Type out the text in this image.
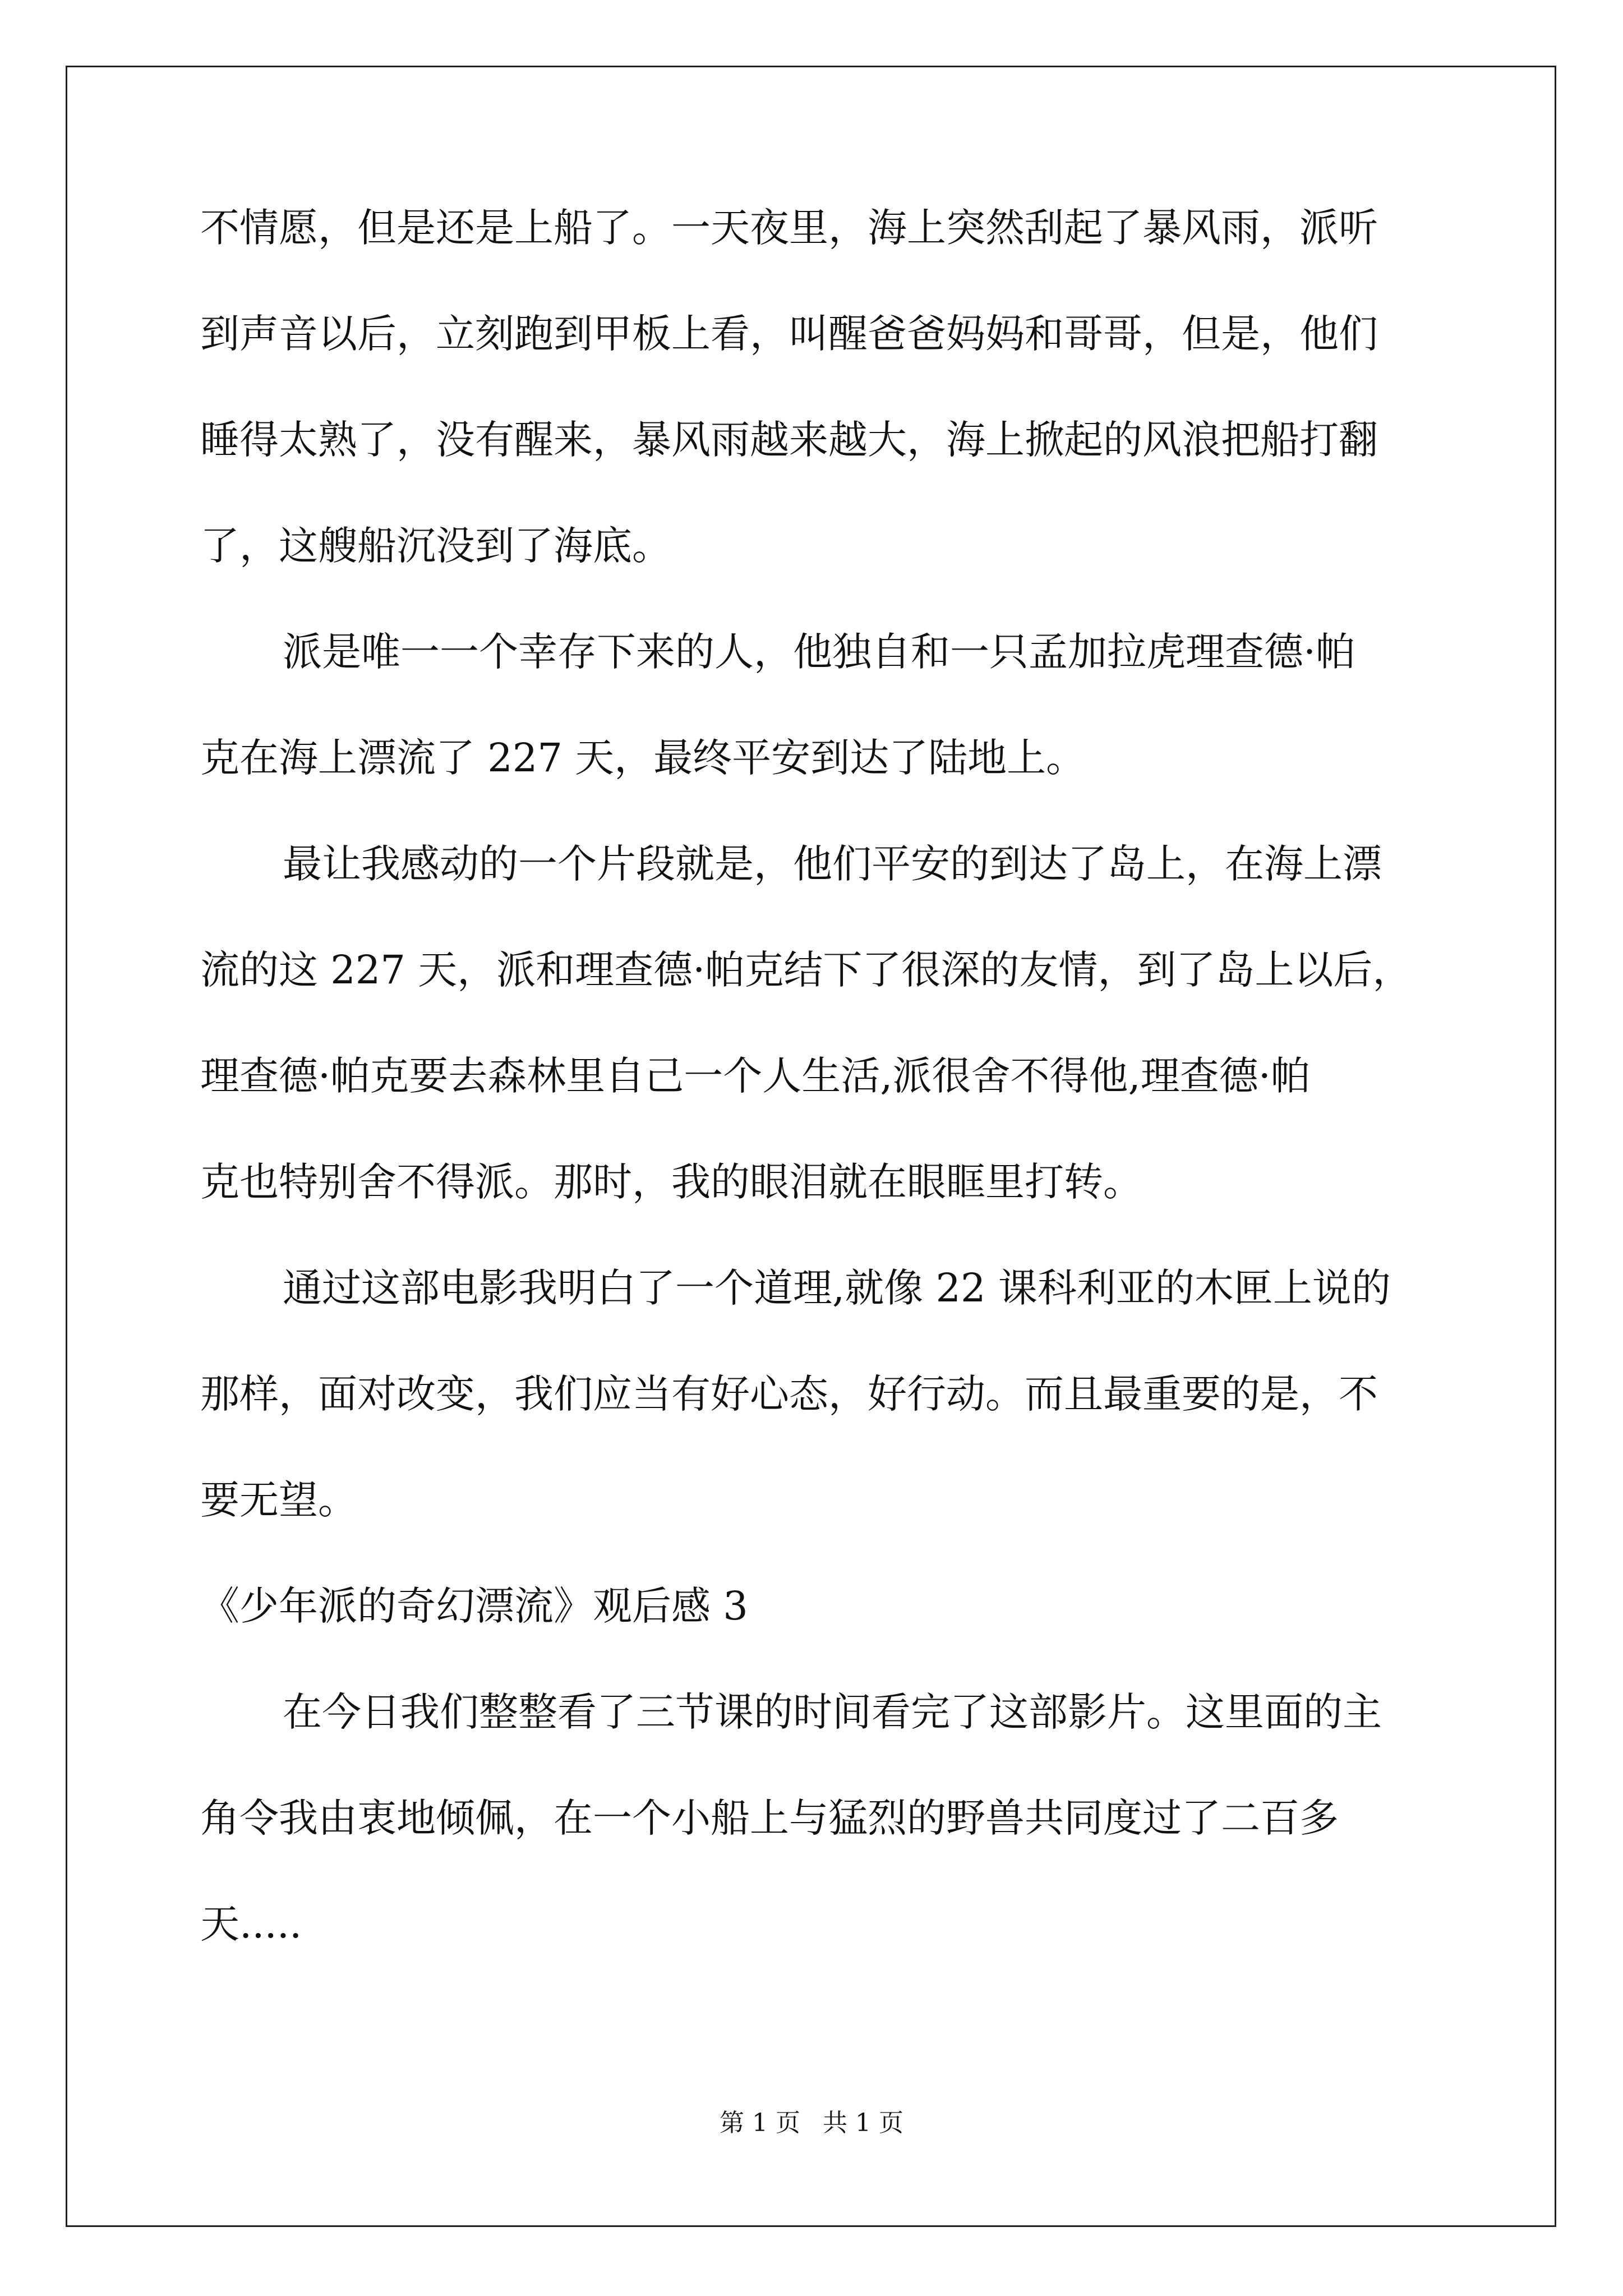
不情愿，但是还是上船了。一天夜里，海上突然刮起了暴风雨，派听
到声音以后，立刻跑到甲板上看，叫醒爸爸妈妈和哥哥，但是，他们
睡得太熟了，没有醒来，暴风雨越来越大，海上掀起的风浪把船打翻
了，这艘船沉没到了海底。
派是唯一一个幸存下来的人，他独自和一只孟加拉虎理查德·帕
克在海上漂流了 227 天，最终平安到达了陆地上。
最让我感动的一个片段就是，他们平安的到达了岛上，在海上漂
流的这 227 天，派和理查德·帕克结下了很深的友情，到了岛上以后，
理查德·帕克要去森林里自己一个人生活,派很舍不得他,理查德·帕
克也特别舍不得派。那时，我的眼泪就在眼眶里打转。
通过这部电影我明白了一个道理,就像 22 课科利亚的木匣上说的
那样，面对改变，我们应当有好心态，好行动。而且最重要的是，不
要无望。
《少年派的奇幻漂流》观后感 3
在今日我们整整看了三节课的时间看完了这部影片。这里面的主
角令我由衷地倾佩，在一个小船上与猛烈的野兽共同度过了二百多
天.....
第 1 页 共 1 页
